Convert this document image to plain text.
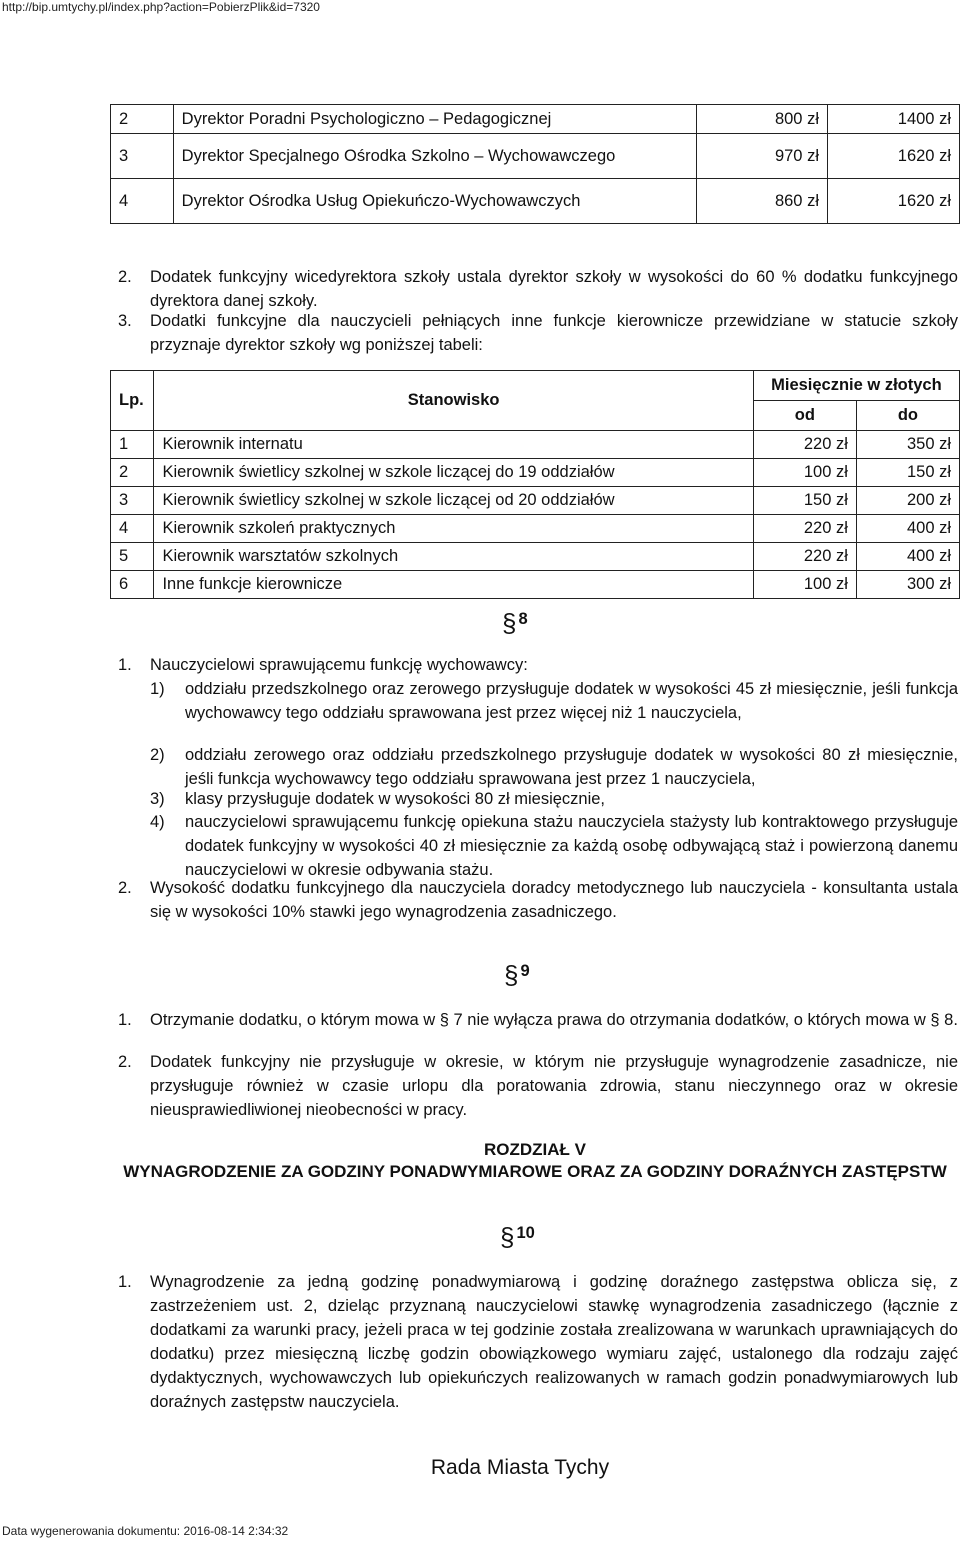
http://bip.umtychy.pl/index.php?action=PobierzPlik&id=7320
2	Dyrektor Poradni Psychologiczno – Pedagogicznej	800 zł	1400 zł
3	Dyrektor Specjalnego Ośrodka Szkolno – Wychowawczego	970 zł	1620 zł
4	Dyrektor Ośrodka Usług Opiekuńczo-Wychowawczych	860 zł	1620 zł
2. Dodatek funkcyjny wicedyrektora szkoły ustala dyrektor szkoły w wysokości do 60 % dodatku funkcyjnego dyrektora danej szkoły.
3. Dodatki funkcyjne dla nauczycieli pełniących inne funkcje kierownicze przewidziane w statucie szkoły przyznaje dyrektor szkoły wg poniższej tabeli:
Lp.	Stanowisko	Miesięcznie w złotych	
		od	do
1	Kierownik internatu	220 zł	350 zł
2	Kierownik świetlicy szkolnej w szkole liczącej do 19 oddziałów	100 zł	150 zł
3	Kierownik świetlicy szkolnej w szkole liczącej od 20 oddziałów	150 zł	200 zł
4	Kierownik szkoleń praktycznych	220 zł	400 zł
5	Kierownik warsztatów szkolnych	220 zł	400 zł
6	Inne funkcje kierownicze	100 zł	300 zł
§ 8
1. Nauczycielowi sprawującemu funkcję wychowawcy:
1) oddziału przedszkolnego oraz zerowego przysługuje dodatek w wysokości 45 zł miesięcznie, jeśli funkcja wychowawcy tego oddziału sprawowana jest przez więcej niż 1 nauczyciela,
2) oddziału zerowego oraz oddziału przedszkolnego przysługuje dodatek w wysokości 80 zł miesięcznie, jeśli funkcja wychowawcy tego oddziału sprawowana jest przez 1 nauczyciela,
3) klasy przysługuje dodatek w wysokości 80 zł miesięcznie,
4) nauczycielowi sprawującemu funkcję opiekuna stażu nauczyciela stażysty lub kontraktowego przysługuje dodatek funkcyjny w wysokości 40 zł miesięcznie za każdą osobę odbywającą staż i powierzoną danemu nauczycielowi w okresie odbywania stażu.
2. Wysokość dodatku funkcyjnego dla nauczyciela doradcy metodycznego lub nauczyciela - konsultanta ustala się w wysokości 10% stawki jego wynagrodzenia zasadniczego.
§ 9
1. Otrzymanie dodatku, o którym mowa w § 7 nie wyłącza prawa do otrzymania dodatków, o których mowa w § 8.
2. Dodatek funkcyjny nie przysługuje w okresie, w którym nie przysługuje wynagrodzenie zasadnicze, nie przysługuje również w czasie urlopu dla poratowania zdrowia, stanu nieczynnego oraz w okresie nieusprawiedliwionej nieobecności w pracy.
ROZDZIAŁ V
WYNAGRODZENIE ZA GODZINY PONADWYMIAROWE ORAZ ZA GODZINY DORAŹNYCH ZASTĘPSTW
§ 10
1. Wynagrodzenie za jedną godzinę ponadwymiarową i godzinę doraźnego zastępstwa oblicza się, z zastrzeżeniem ust. 2, dzieląc przyznaną nauczycielowi stawkę wynagrodzenia zasadniczego (łącznie z dodatkami za warunki pracy, jeżeli praca w tej godzinie została zrealizowana w warunkach uprawniających do dodatku) przez miesięczną liczbę godzin obowiązkowego wymiaru zajęć, ustalonego dla rodzaju zajęć dydaktycznych, wychowawczych lub opiekuńczych realizowanych w ramach godzin ponadwymiarowych lub doraźnych zastępstw nauczyciela.
Rada Miasta Tychy
Data wygenerowania dokumentu: 2016-08-14 2:34:32
